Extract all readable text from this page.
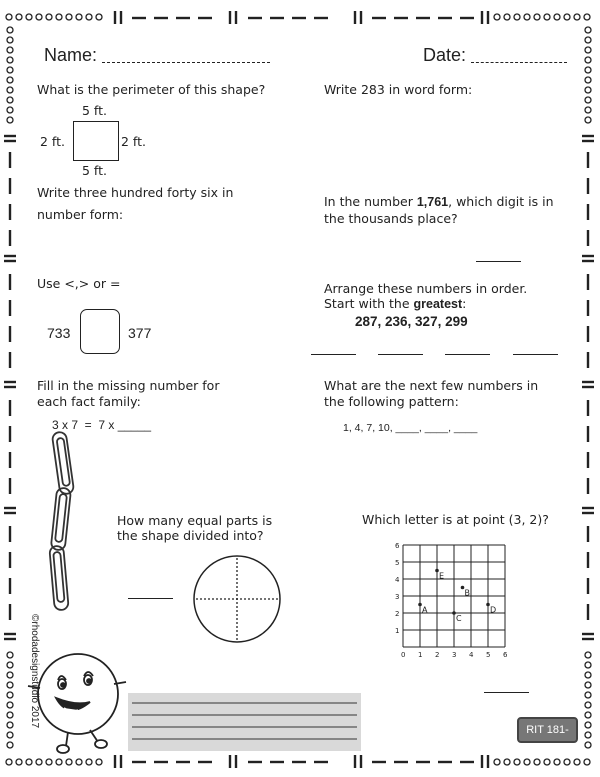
Name:	Date:
What is the perimeter of this shape?
5 ft.
2 ft.	2 ft.
5 ft.
Write 283 in word form:
Write three hundred forty six in
number form:
In the number 1,761, which digit is in
the thousands place?
Use <,> or =
733	377
Arrange these numbers in order.
Start with the greatest:
287, 236, 327, 299
Fill in the missing number for
each fact family:
3 x 7  =  7 x _____
What are the next few numbers in
the following pattern:
1, 4, 7, 10, ____, ____, ____
How many equal parts is
the shape divided into?
Which letter is at point (3, 2)?
0 1 2 3 4 5 6
1
2
3
4
5
6
A
B
C
D
E
©rhodadesignstudio 2017
RIT 181-190
